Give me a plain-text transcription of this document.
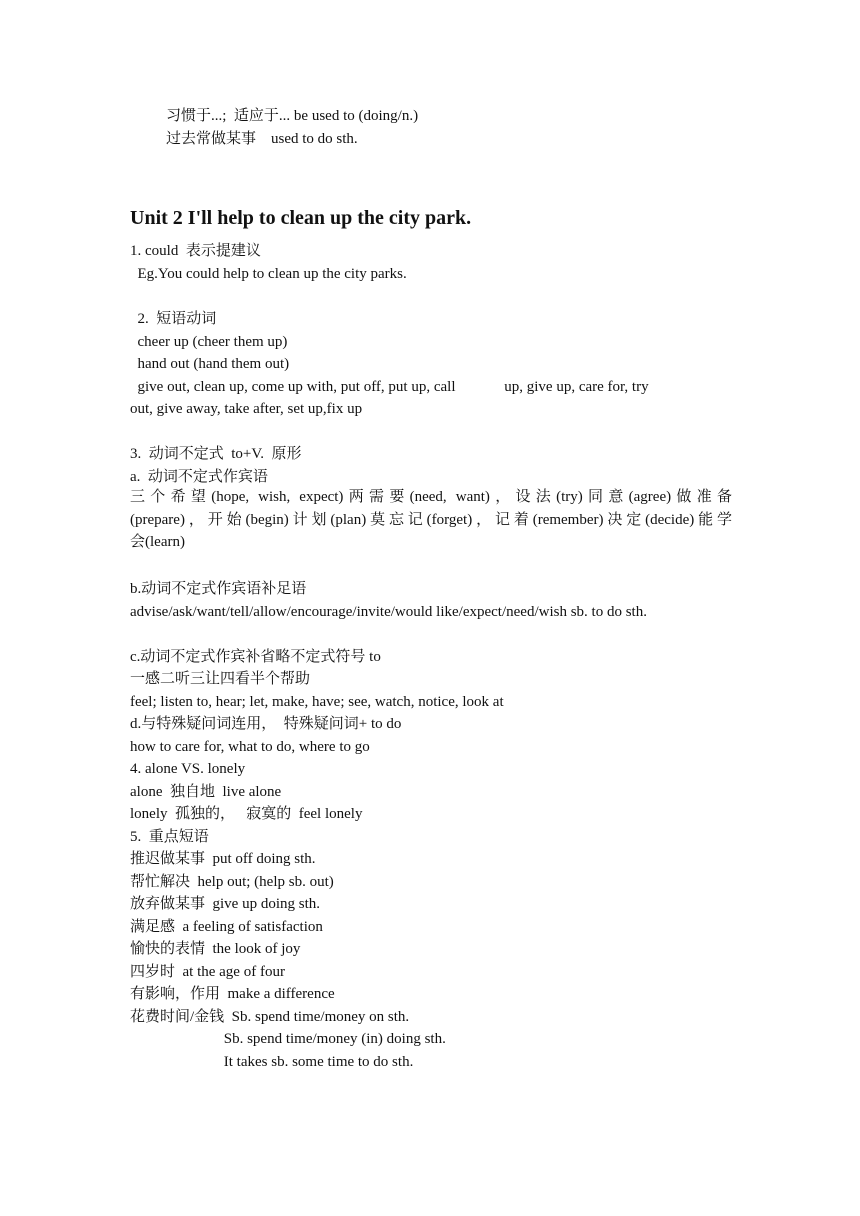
习惯于...;  适应于... be used to (doing/n.)
过去常做某事    used to do sth.
Unit 2 I'll help to clean up the city park.
1. could  表示提建议
Eg.You could help to clean up the city parks.
2.  短语动词
cheer up (cheer them up)
hand out (hand them out)
give out, clean up, come up with, put off, put up, call             up, give up, care for, try
out, give away, take after, set up,fix up
3.  动词不定式  to+V.  原形
a.  动词不定式作宾语
三个希望(hope, wish, expect)两需要(need, want)，设法(try)同意(agree)做准备
(prepare)，开始(begin)计划(plan)莫忘记(forget)，记着(remember)决定(decide)能学
会(learn)
b.动词不定式作宾语补足语
advise/ask/want/tell/allow/encourage/invite/would like/expect/need/wish sb. to do sth.
c.动词不定式作宾补省略不定式符号 to
一感二听三让四看半个帮助
feel; listen to, hear; let, make, have; see, watch, notice, look at
d.与特殊疑问词连用，  特殊疑问词+ to do
how to care for, what to do, where to go
4. alone VS. lonely
alone  独自地  live alone
lonely  孤独的，   寂寞的  feel lonely
5.  重点短语
推迟做某事  put off doing sth.
帮忙解决  help out; (help sb. out)
放弃做某事  give up doing sth.
满足感  a feeling of satisfaction
愉快的表情  the look of joy
四岁时  at the age of four
有影响，作用  make a difference
花费时间/金钱  Sb. spend time/money on sth.
Sb. spend time/money (in) doing sth.
It takes sb. some time to do sth.
